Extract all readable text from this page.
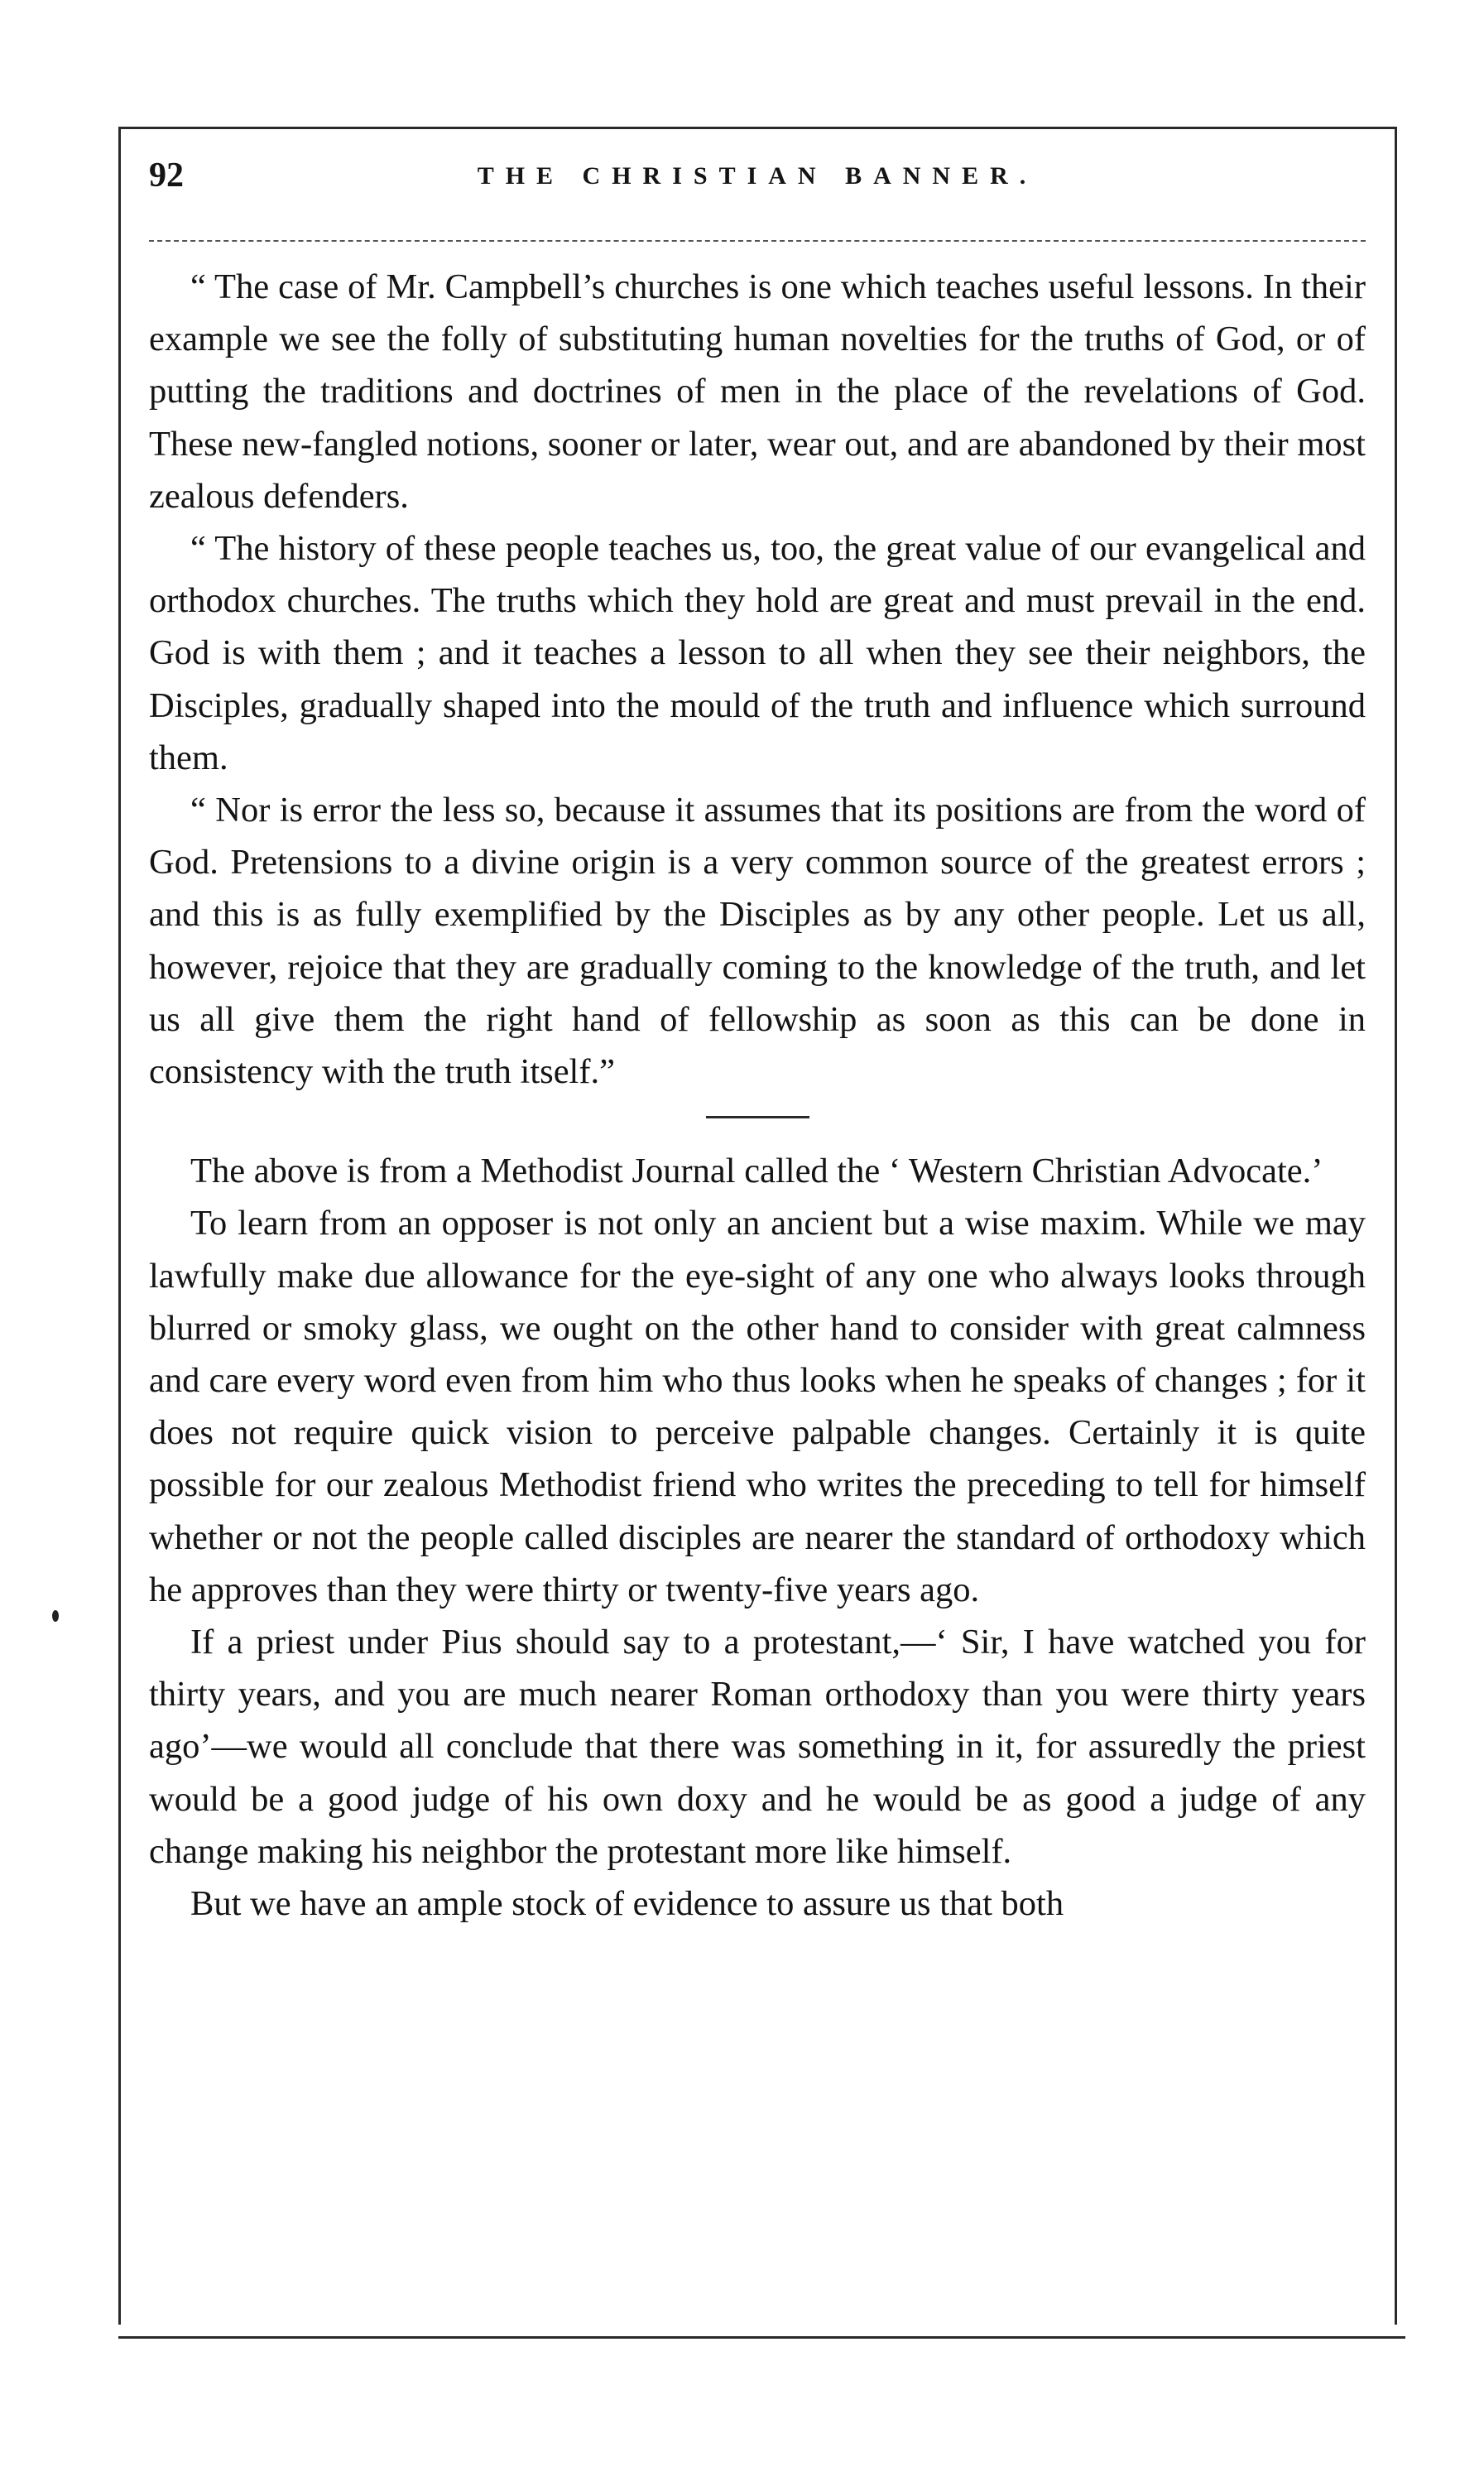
92	THE CHRISTIAN BANNER.

“ The case of Mr. Campbell’s churches is one which teaches useful lessons. In their example we see the folly of substituting human novelties for the truths of God, or of putting the traditions and doctrines of men in the place of the revelations of God. These new-fangled notions, sooner or later, wear out, and are abandoned by their most zealous defenders.

“ The history of these people teaches us, too, the great value of our evangelical and orthodox churches. The truths which they hold are great and must prevail in the end. God is with them ; and it teaches a lesson to all when they see their neighbors, the Disciples, gradually shaped into the mould of the truth and influence which surround them.

“ Nor is error the less so, because it assumes that its positions are from the word of God. Pretensions to a divine origin is a very common source of the greatest errors ; and this is as fully exemplified by the Disciples as by any other people. Let us all, however, rejoice that they are gradually coming to the knowledge of the truth, and let us all give them the right hand of fellowship as soon as this can be done in consistency with the truth itself.”

The above is from a Methodist Journal called the ‘ Western Christian Advocate.’

To learn from an opposer is not only an ancient but a wise maxim. While we may lawfully make due allowance for the eye-sight of any one who always looks through blurred or smoky glass, we ought on the other hand to consider with great calmness and care every word even from him who thus looks when he speaks of changes ; for it does not require quick vision to perceive palpable changes. Certainly it is quite possible for our zealous Methodist friend who writes the preceding to tell for himself whether or not the people called disciples are nearer the standard of orthodoxy which he approves than they were thirty or twenty-five years ago.

If a priest under Pius should say to a protestant,—‘ Sir, I have watched you for thirty years, and you are much nearer Roman orthodoxy than you were thirty years ago’—we would all conclude that there was something in it, for assuredly the priest would be a good judge of his own doxy and he would be as good a judge of any change making his neighbor the protestant more like himself.

But we have an ample stock of evidence to assure us that both
